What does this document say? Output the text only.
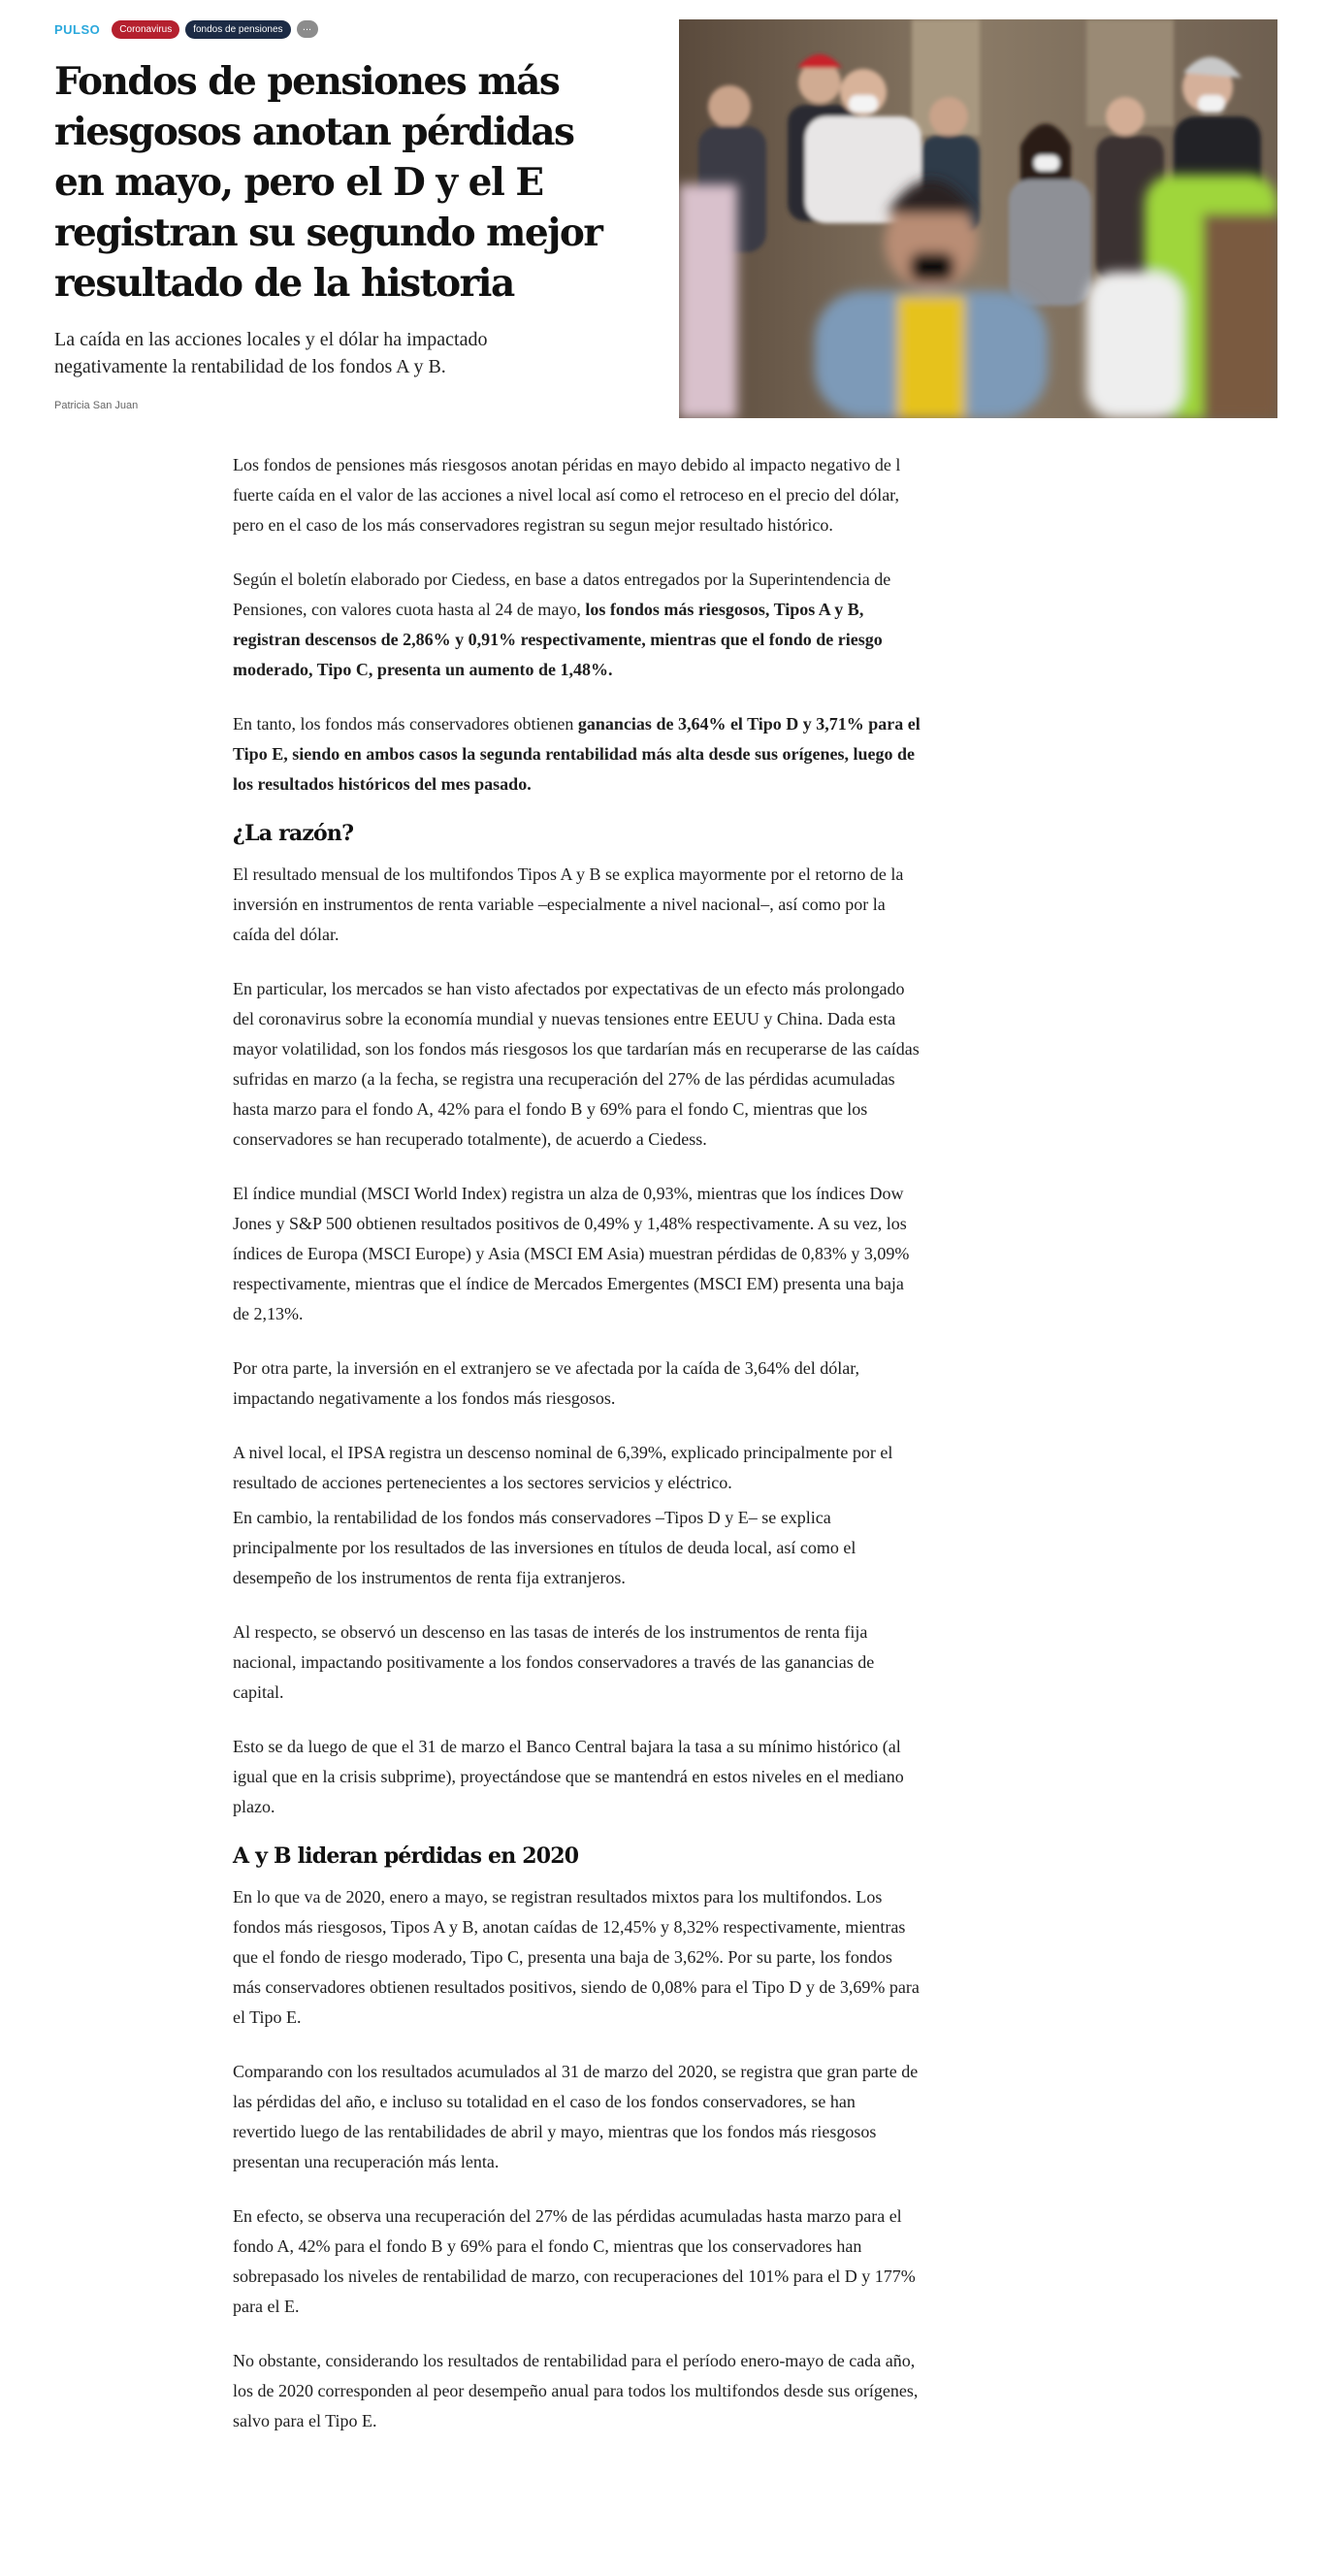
PULSO	Coronavirus	fondos de pensiones	...
Fondos de pensiones más riesgosos anotan pérdidas en mayo, pero el D y el E registran su segundo mejor resultado de la historia

La caída en las acciones locales y el dólar ha impactado negativamente la rentabilidad de los fondos A y B.

Patricia San Juan

Los fondos de pensiones más riesgosos anotan péridas en mayo debido al impacto negativo de l fuerte caída en el valor de las acciones a nivel local así como el retroceso en el precio del dólar, pero en el caso de los más conservadores registran su segun mejor resultado histórico.

Según el boletín elaborado por Ciedess, en base a datos entregados por la Superintendencia de Pensiones, con valores cuota hasta al 24 de mayo, los fondos más riesgosos, Tipos A y B, registran descensos de 2,86% y 0,91% respectivamente, mientras que el fondo de riesgo moderado, Tipo C, presenta un aumento de 1,48%.

En tanto, los fondos más conservadores obtienen ganancias de 3,64% el Tipo D y 3,71% para el Tipo E, siendo en ambos casos la segunda rentabilidad más alta desde sus orígenes, luego de los resultados históricos del mes pasado.

¿La razón?

El resultado mensual de los multifondos Tipos A y B se explica mayormente por el retorno de la inversión en instrumentos de renta variable –especialmente a nivel nacional–, así como por la caída del dólar.

En particular, los mercados se han visto afectados por expectativas de un efecto más prolongado del coronavirus sobre la economía mundial y nuevas tensiones entre EEUU y China. Dada esta mayor volatilidad, son los fondos más riesgosos los que tardarían más en recuperarse de las caídas sufridas en marzo (a la fecha, se registra una recuperación del 27% de las pérdidas acumuladas hasta marzo para el fondo A, 42% para el fondo B y 69% para el fondo C, mientras que los conservadores se han recuperado totalmente), de acuerdo a Ciedess.

El índice mundial (MSCI World Index) registra un alza de 0,93%, mientras que los índices Dow Jones y S&P 500 obtienen resultados positivos de 0,49% y 1,48% respectivamente. A su vez, los índices de Europa (MSCI Europe) y Asia (MSCI EM Asia) muestran pérdidas de 0,83% y 3,09% respectivamente, mientras que el índice de Mercados Emergentes (MSCI EM) presenta una baja de 2,13%.

Por otra parte, la inversión en el extranjero se ve afectada por la caída de 3,64% del dólar, impactando negativamente a los fondos más riesgosos.

A nivel local, el IPSA registra un descenso nominal de 6,39%, explicado principalmente por el resultado de acciones pertenecientes a los sectores servicios y eléctrico.

En cambio, la rentabilidad de los fondos más conservadores –Tipos D y E– se explica principalmente por los resultados de las inversiones en títulos de deuda local, así como el desempeño de los instrumentos de renta fija extranjeros.

Al respecto, se observó un descenso en las tasas de interés de los instrumentos de renta fija nacional, impactando positivamente a los fondos conservadores a través de las ganancias de capital.

Esto se da luego de que el 31 de marzo el Banco Central bajara la tasa a su mínimo histórico (al igual que en la crisis subprime), proyectándose que se mantendrá en estos niveles en el mediano plazo.

A y B lideran pérdidas en 2020

En lo que va de 2020, enero a mayo, se registran resultados mixtos para los multifondos. Los fondos más riesgosos, Tipos A y B, anotan caídas de 12,45% y 8,32% respectivamente, mientras que el fondo de riesgo moderado, Tipo C, presenta una baja de 3,62%. Por su parte, los fondos más conservadores obtienen resultados positivos, siendo de 0,08% para el Tipo D y de 3,69% para el Tipo E.

Comparando con los resultados acumulados al 31 de marzo del 2020, se registra que gran parte de las pérdidas del año, e incluso su totalidad en el caso de los fondos conservadores, se han revertido luego de las rentabilidades de abril y mayo, mientras que los fondos más riesgosos presentan una recuperación más lenta.

En efecto, se observa una recuperación del 27% de las pérdidas acumuladas hasta marzo para el fondo A, 42% para el fondo B y 69% para el fondo C, mientras que los conservadores han sobrepasado los niveles de rentabilidad de marzo, con recuperaciones del 101% para el D y 177% para el E.

No obstante, considerando los resultados de rentabilidad para el período enero-mayo de cada año, los de 2020 corresponden al peor desempeño anual para todos los multifondos desde sus orígenes, salvo para el Tipo E.
